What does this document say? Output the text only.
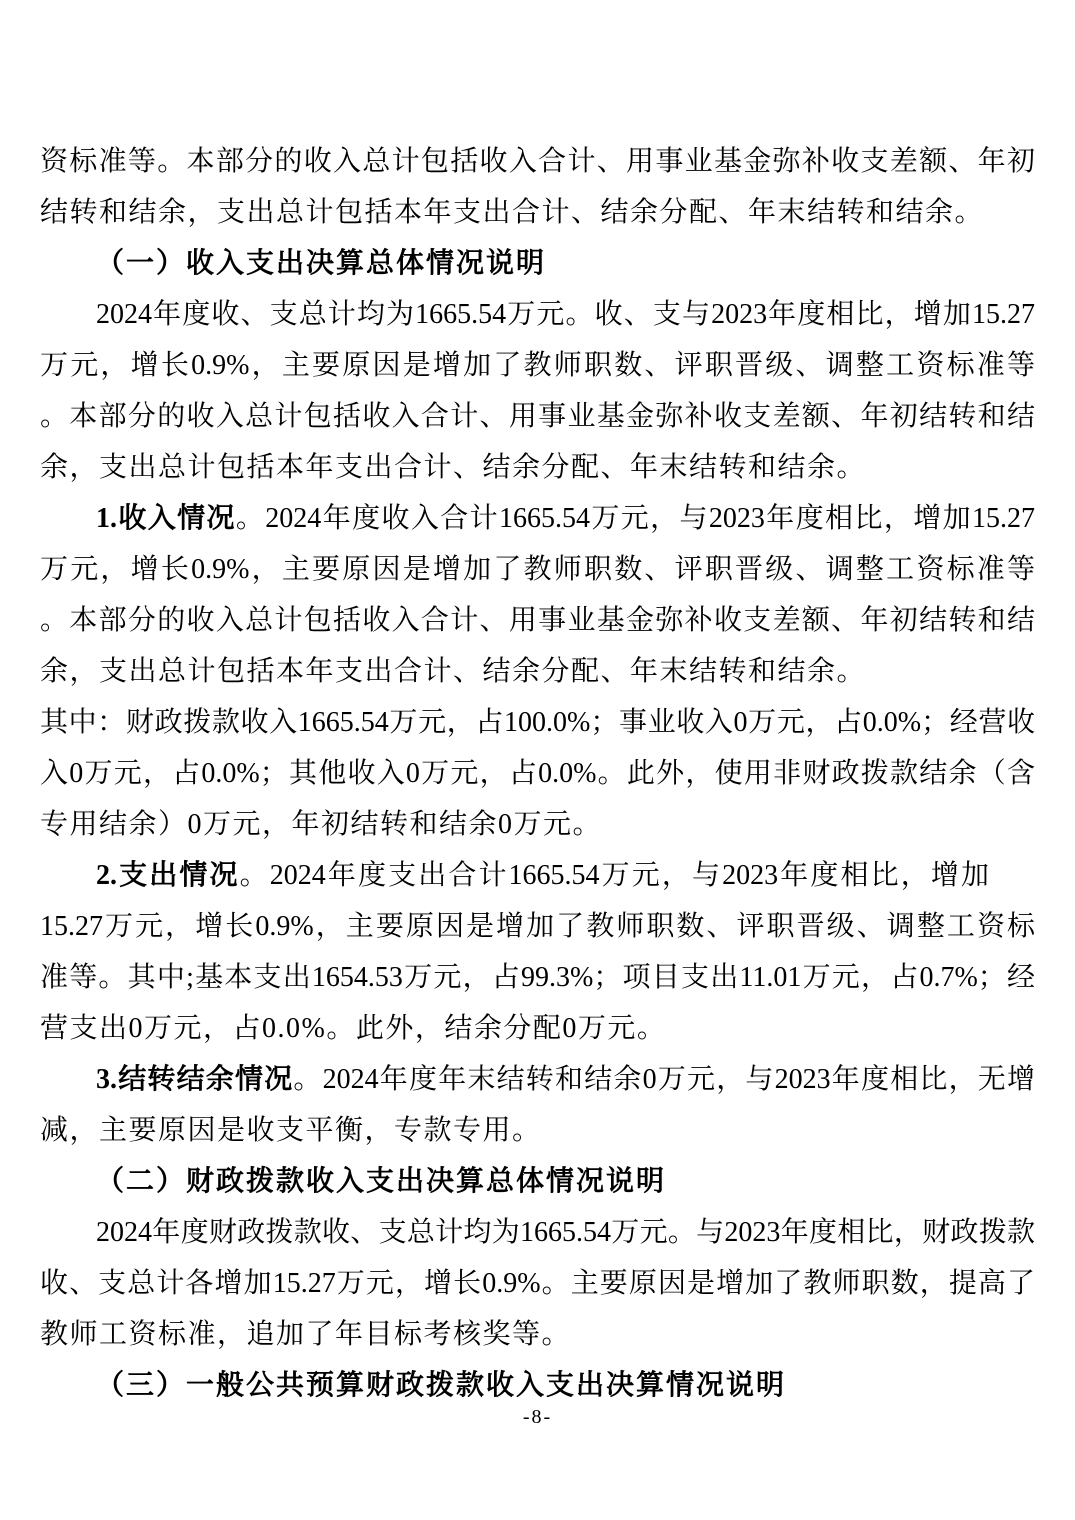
资标准等。本部分的收入总计包括收入合计、用事业基金弥补收支差额、年初
结转和结余，支出总计包括本年支出合计、结余分配、年末结转和结余。
（一）收入支出决算总体情况说明
2024年度收、支总计均为1665.54万元。收、支与2023年度相比，增加15.27
万元，增长0.9%，主要原因是增加了教师职数、评职晋级、调整工资标准等
。本部分的收入总计包括收入合计、用事业基金弥补收支差额、年初结转和结
余，支出总计包括本年支出合计、结余分配、年末结转和结余。
1.收入情况。2024年度收入合计1665.54万元，与2023年度相比，增加15.27
万元，增长0.9%，主要原因是增加了教师职数、评职晋级、调整工资标准等
。本部分的收入总计包括收入合计、用事业基金弥补收支差额、年初结转和结
余，支出总计包括本年支出合计、结余分配、年末结转和结余。
其中：财政拨款收入1665.54万元，占100.0%；事业收入0万元，占0.0%；经营收
入0万元，占0.0%；其他收入0万元，占0.0%。此外，使用非财政拨款结余（含
专用结余）0万元，年初结转和结余0万元。
2.支出情况。2024年度支出合计1665.54万元，与2023年度相比，增加
15.27万元，增长0.9%，主要原因是增加了教师职数、评职晋级、调整工资标
准等。其中;基本支出1654.53万元，占99.3%；项目支出11.01万元，占0.7%；经
营支出0万元，占0.0%。此外，结余分配0万元。
3.结转结余情况。2024年度年末结转和结余0万元，与2023年度相比，无增
减，主要原因是收支平衡，专款专用。
（二）财政拨款收入支出决算总体情况说明
2024年度财政拨款收、支总计均为1665.54万元。与2023年度相比，财政拨款
收、支总计各增加15.27万元，增长0.9%。主要原因是增加了教师职数，提高了
教师工资标准，追加了年目标考核奖等。
（三）一般公共预算财政拨款收入支出决算情况说明
-8-
